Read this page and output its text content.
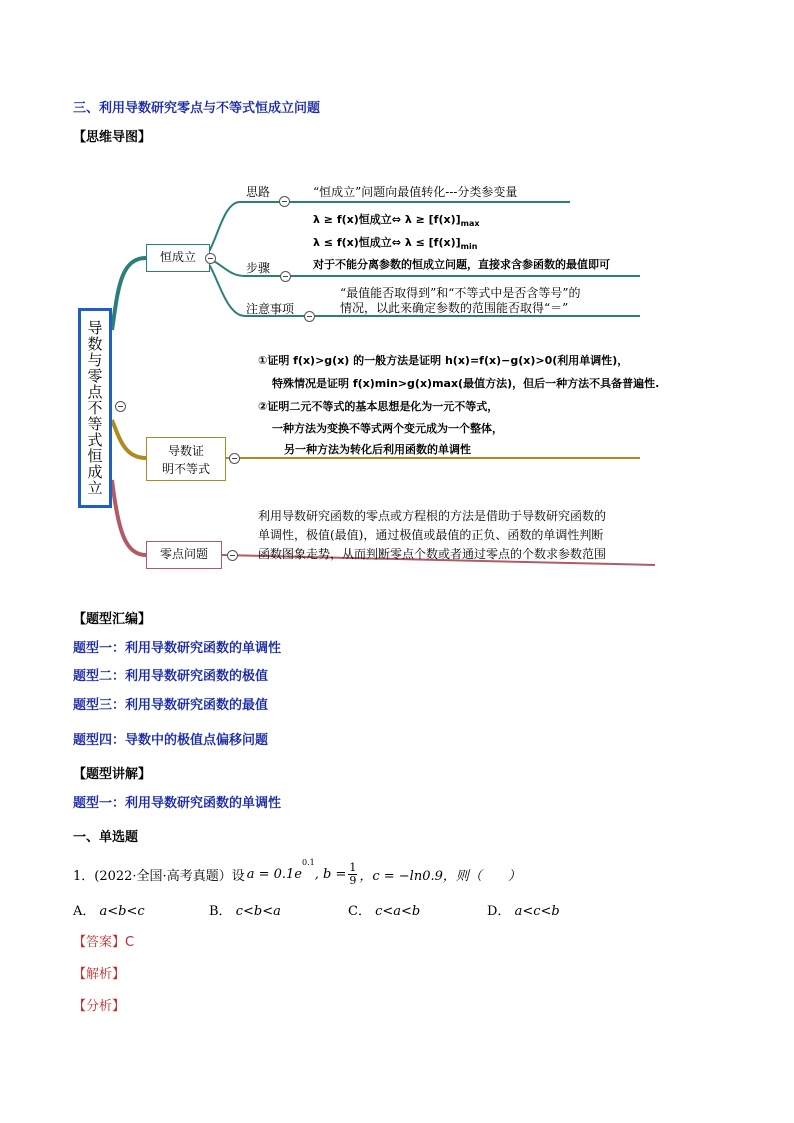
三、利用导数研究零点与不等式恒成立问题
【思维导图】
导数与零点不等式恒成立
恒成立
思路	“恒成立”问题向最值转化---分类参变量
λ ≥ f(x)恒成立⇔ $\lambda \ge [f(x)]_{max}$
λ ≤ f(x)恒成立⇔ $\lambda \le [f(x)]_{min}$
步骤	对于不能分离参数的恒成立问题，直接求含参函数的最值即可
“最值能否取得到”和“不等式中是否含等号”的
注意事项	情况，以此来确定参数的范围能否取得“＝”
①证明 f(x)>g(x) 的一般方法是证明 h(x)=f(x)−g(x)>0(利用单调性)，
特殊情况是证明 f(x)min>g(x)max(最值方法)，但后一种方法不具备普遍性.
②证明二元不等式的基本思想是化为一元不等式，
一种方法为变换不等式两个变元成为一个整体，
另一种方法为转化后利用函数的单调性
导数证
明不等式
利用导数研究函数的零点或方程根的方法是借助于导数研究函数的
单调性，极值(最值)，通过极值或最值的正负、函数的单调性判断
函数图象走势，从而判断零点个数或者通过零点的个数求参数范围
零点问题
【题型汇编】
题型一：利用导数研究函数的单调性
题型二：利用导数研究函数的极值
题型三：利用导数研究函数的最值
题型四：导数中的极值点偏移问题
【题型讲解】
题型一：利用导数研究函数的单调性
一、单选题
1．(2022·全国·高考真题）设 a = 0.1e
0.1
, $b = \frac{1}{9}$ ，c = −ln0.9，则（　　）
A． a<b<c	B． c<b<a	C． c<a<b	D． a<c<b
【答案】C
【解析】
【分析】
